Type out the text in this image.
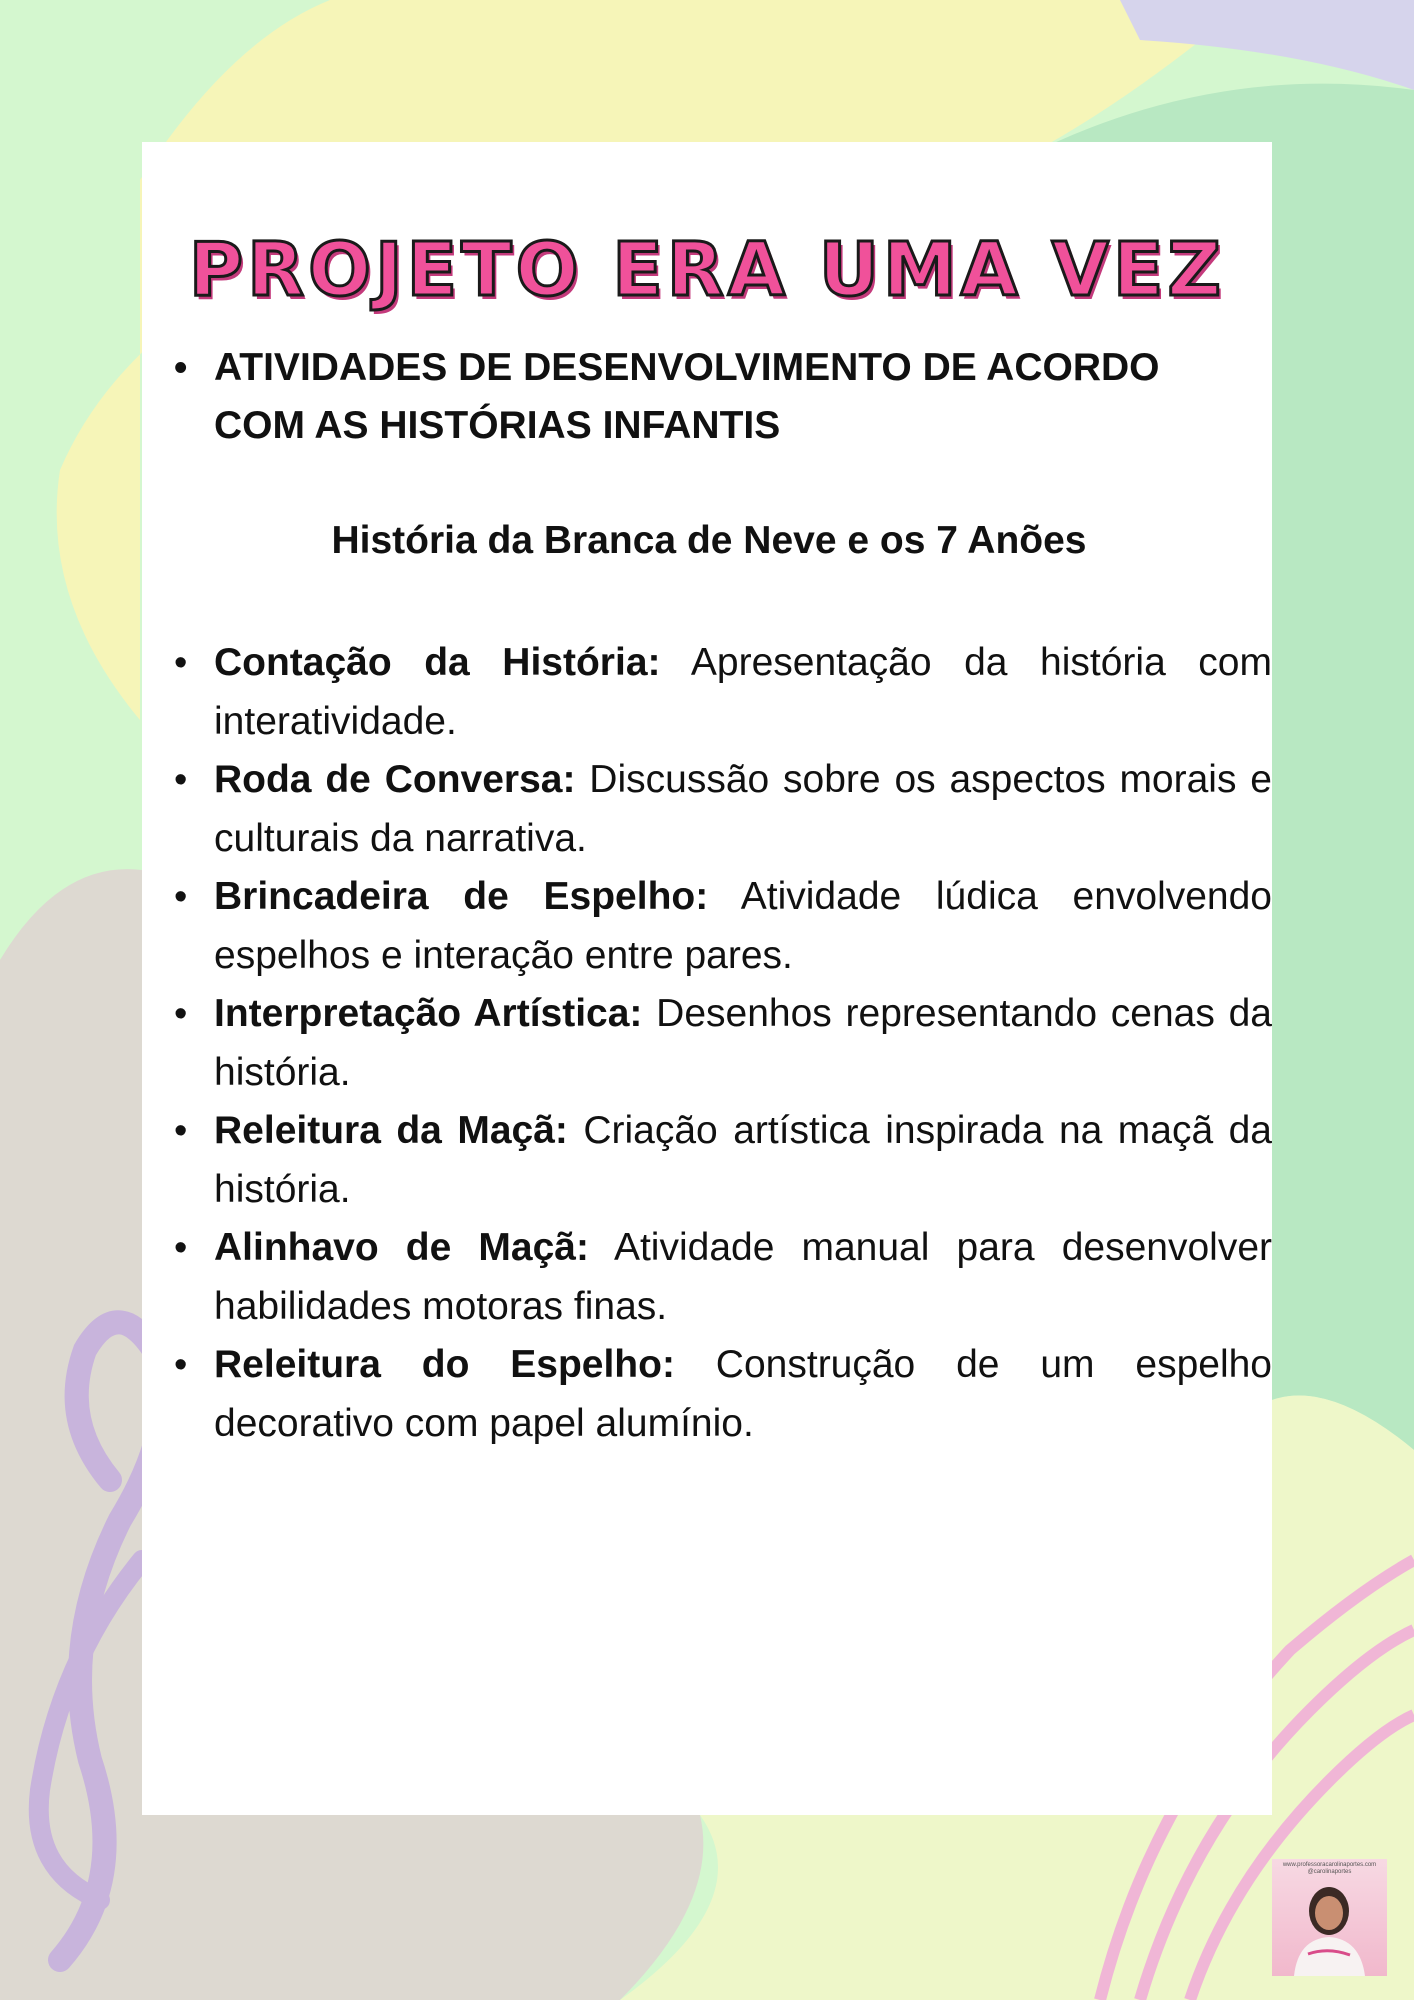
PROJETO ERA UMA VEZ
• ATIVIDADES DE DESENVOLVIMENTO DE ACORDO COM AS HISTÓRIAS INFANTIS
História da Branca de Neve e os 7 Anões
• Contação da História: Apresentação da história com interatividade.
• Roda de Conversa: Discussão sobre os aspectos morais e culturais da narrativa.
• Brincadeira de Espelho: Atividade lúdica envolvendo espelhos e interação entre pares.
• Interpretação Artística: Desenhos representando cenas da história.
• Releitura da Maçã: Criação artística inspirada na maçã da história.
• Alinhavo de Maçã: Atividade manual para desenvolver habilidades motoras finas.
• Releitura do Espelho: Construção de um espelho decorativo com papel alumínio.
www.professoracarolinaportes.com
@carolinaportes
